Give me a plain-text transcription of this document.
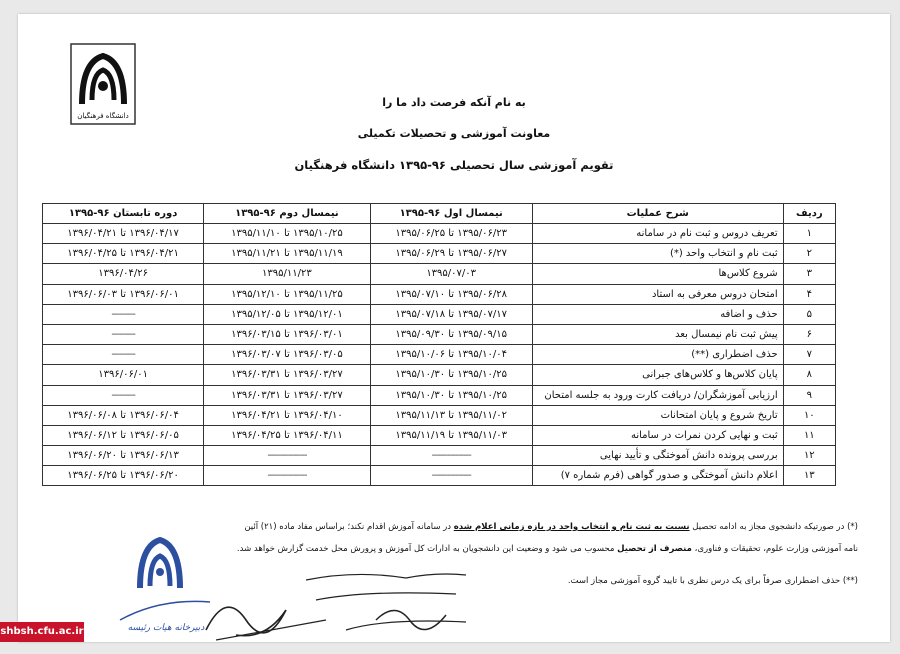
دانشگاه فرهنگیان
به نام آنکه فرصت داد ما را
معاونت آموزشی و تحصیلات تکمیلی
تقویم آموزشی سال تحصیلی ۹۶-۱۳۹۵ دانشگاه فرهنگیان
(*) در صورتیکه دانشجوی مجاز به ادامه تحصیل نسبت به ثبت نام و انتخاب واحد در بازه زمانی اعلام شده در سامانه آموزش اقدام نکند؛ براساس مفاد ماده (۲۱) آئین
نامه آموزشی وزارت علوم، تحقیقات و فناوری، منصرف از تحصیل محسوب می شود و وضعیت این دانشجویان به ادارات کل آموزش و پرورش محل خدمت گزارش خواهد شد.
(**) حذف اضطراری صرفاً برای یک درس نظری با تایید گروه آموزشی مجاز است.
ردیف	شرح عملیات	نیمسال اول ۹۶-۱۳۹۵	نیمسال دوم ۹۶-۱۳۹۵	دوره تابستان ۹۶-۱۳۹۵
۱	تعریف دروس و ثبت نام در سامانه	۱۳۹۵/۰۶/۲۳ تا ۱۳۹۵/۰۶/۲۵	۱۳۹۵/۱۰/۲۵ تا ۱۳۹۵/۱۱/۱۰	۱۳۹۶/۰۴/۱۷ تا ۱۳۹۶/۰۴/۲۱
۲	ثبت نام و انتخاب واحد (*)	۱۳۹۵/۰۶/۲۷ تا ۱۳۹۵/۰۶/۲۹	۱۳۹۵/۱۱/۱۹ تا ۱۳۹۵/۱۱/۲۱	۱۳۹۶/۰۴/۲۱ تا ۱۳۹۶/۰۴/۲۵
۳	شروع کلاس‌ها	۱۳۹۵/۰۷/۰۳	۱۳۹۵/۱۱/۲۳	۱۳۹۶/۰۴/۲۶
۴	امتحان دروس معرفی به استاد	۱۳۹۵/۰۶/۲۸ تا ۱۳۹۵/۰۷/۱۰	۱۳۹۵/۱۱/۲۵ تا ۱۳۹۵/۱۲/۱۰	۱۳۹۶/۰۶/۰۱ تا ۱۳۹۶/۰۶/۰۳
۵	حذف و اضافه	۱۳۹۵/۰۷/۱۷ تا ۱۳۹۵/۰۷/۱۸	۱۳۹۵/۱۲/۰۱ تا ۱۳۹۵/۱۲/۰۵	---------
۶	پیش ثبت نام نیمسال بعد	۱۳۹۵/۰۹/۱۵ تا ۱۳۹۵/۰۹/۳۰	۱۳۹۶/۰۳/۰۱ تا ۱۳۹۶/۰۳/۱۵	---------
۷	حذف اضطراری (**)	۱۳۹۵/۱۰/۰۴ تا ۱۳۹۵/۱۰/۰۶	۱۳۹۶/۰۳/۰۵ تا ۱۳۹۶/۰۳/۰۷	---------
۸	پایان کلاس‌ها و کلاس‌های جبرانی	۱۳۹۵/۱۰/۲۵ تا ۱۳۹۵/۱۰/۳۰	۱۳۹۶/۰۳/۲۷ تا ۱۳۹۶/۰۳/۳۱	۱۳۹۶/۰۶/۰۱
۹	ارزیابی آموزشگران/ دریافت کارت ورود به جلسه امتحان	۱۳۹۵/۱۰/۲۵ تا ۱۳۹۵/۱۰/۳۰	۱۳۹۶/۰۳/۲۷ تا ۱۳۹۶/۰۳/۳۱	---------
۱۰	تاریخ شروع و پایان امتحانات	۱۳۹۵/۱۱/۰۲ تا ۱۳۹۵/۱۱/۱۳	۱۳۹۶/۰۴/۱۰ تا ۱۳۹۶/۰۴/۲۱	۱۳۹۶/۰۶/۰۴ تا ۱۳۹۶/۰۶/۰۸
۱۱	ثبت و نهایی کردن نمرات در سامانه	۱۳۹۵/۱۱/۰۳ تا ۱۳۹۵/۱۱/۱۹	۱۳۹۶/۰۴/۱۱ تا ۱۳۹۶/۰۴/۲۵	۱۳۹۶/۰۶/۰۵ تا ۱۳۹۶/۰۶/۱۲
۱۲	بررسی پرونده دانش آموختگی و تأیید نهایی	---------------	---------------	۱۳۹۶/۰۶/۱۳ تا ۱۳۹۶/۰۶/۲۰
۱۳	اعلام دانش آموختگی و صدور گواهی (فرم شماره ۷)	---------------	---------------	۱۳۹۶/۰۶/۲۰ تا ۱۳۹۶/۰۶/۲۵
دبیرخانه هیات رئیسه
shbsh.cfu.ac.ir
